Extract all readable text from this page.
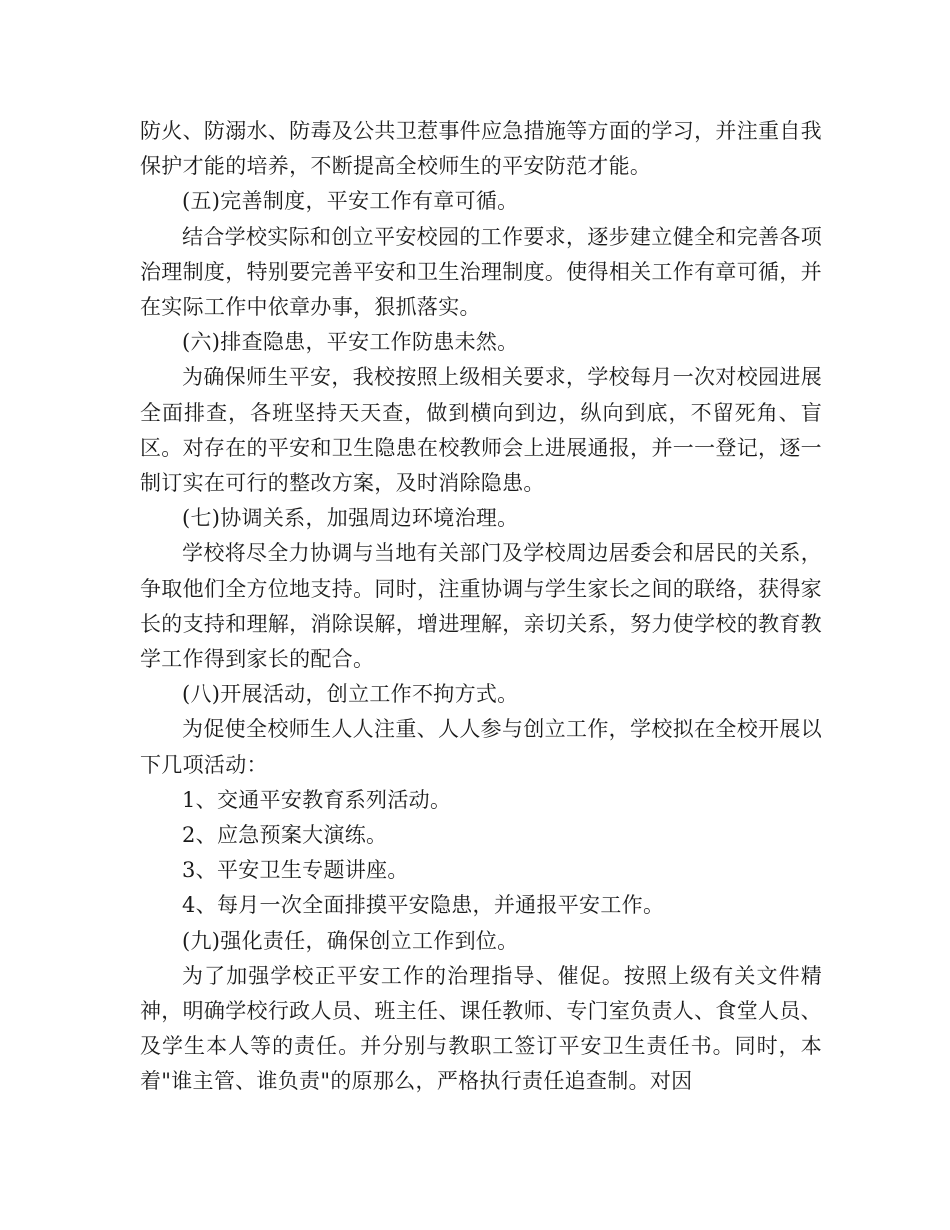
防火、防溺水、防毒及公共卫惹事件应急措施等方面的学习，并注重自我保护才能的培养，不断提高全校师生的平安防范才能。

(五)完善制度，平安工作有章可循。

结合学校实际和创立平安校园的工作要求，逐步建立健全和完善各项治理制度，特别要完善平安和卫生治理制度。使得相关工作有章可循，并在实际工作中依章办事，狠抓落实。

(六)排查隐患，平安工作防患未然。

为确保师生平安，我校按照上级相关要求，学校每月一次对校园进展全面排查，各班坚持天天查，做到横向到边，纵向到底，不留死角、盲区。对存在的平安和卫生隐患在校教师会上进展通报，并一一登记，逐一制订实在可行的整改方案，及时消除隐患。

(七)协调关系，加强周边环境治理。

学校将尽全力协调与当地有关部门及学校周边居委会和居民的关系，争取他们全方位地支持。同时，注重协调与学生家长之间的联络，获得家长的支持和理解，消除误解，增进理解，亲切关系，努力使学校的教育教学工作得到家长的配合。

(八)开展活动，创立工作不拘方式。

为促使全校师生人人注重、人人参与创立工作，学校拟在全校开展以下几项活动：

1、交通平安教育系列活动。

2、应急预案大演练。

3、平安卫生专题讲座。

4、每月一次全面排摸平安隐患，并通报平安工作。

(九)强化责任，确保创立工作到位。

为了加强学校正平安工作的治理指导、催促。按照上级有关文件精神，明确学校行政人员、班主任、课任教师、专门室负责人、食堂人员、及学生本人等的责任。并分别与教职工签订平安卫生责任书。同时，本着"谁主管、谁负责"的原那么，严格执行责任追查制。对因
